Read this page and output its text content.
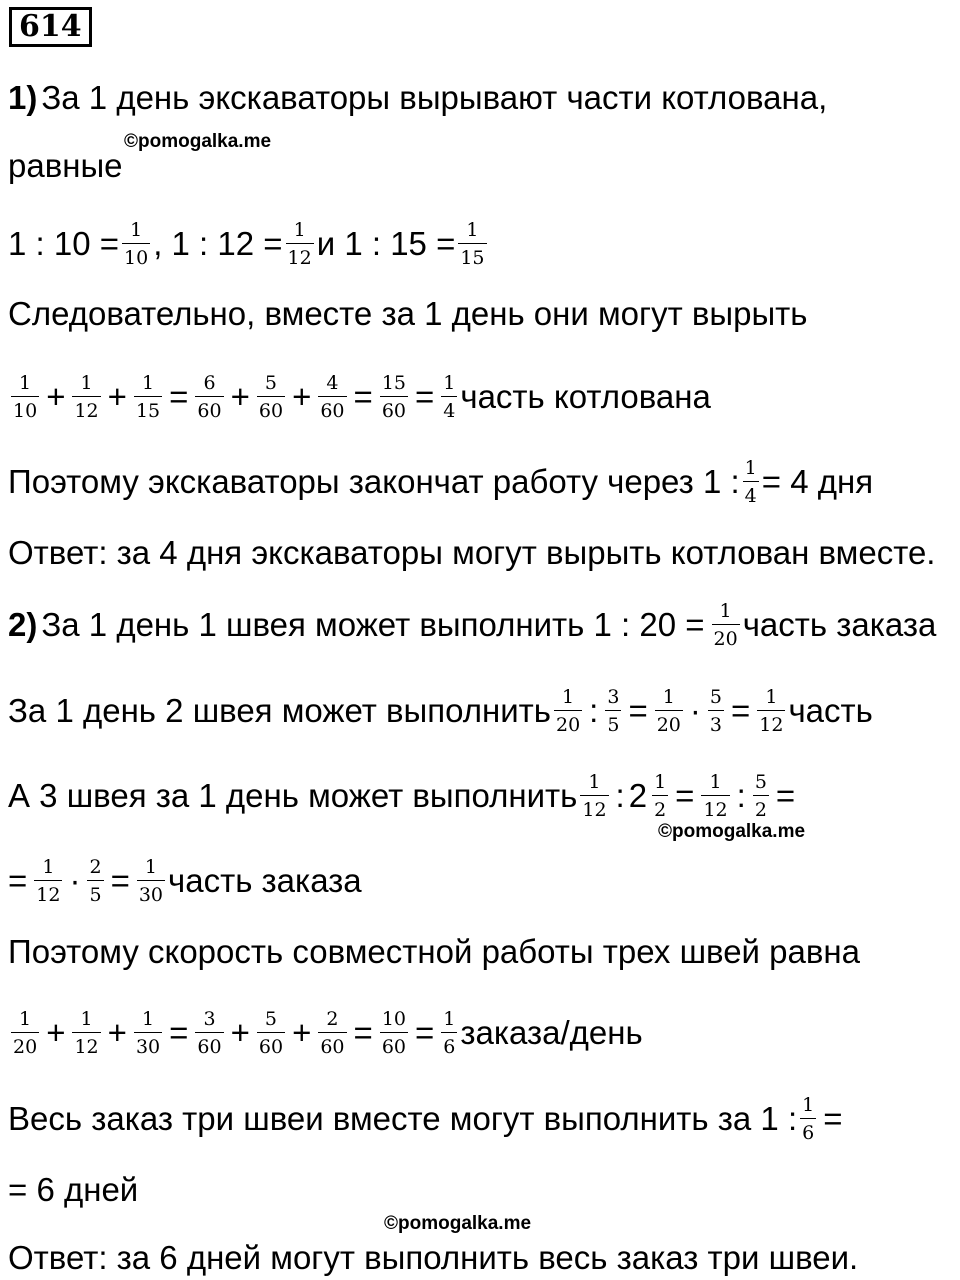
614
1) За 1 день экскаваторы вырывают части котлована,
©pomogalka.me
равные
1 : $10 = \frac{1}{10}$ , 1 : $12 = \frac{1}{12}$ и 1 : $15 = \frac{1}{15}$
Следовательно, вместе за 1 день они могут вырыть
$\frac{1}{10} + \frac{1}{12} + \frac{1}{15} = \frac{6}{60} + \frac{5}{60} + \frac{4}{60} = \frac{15}{60} = \frac{1}{4}$ часть котлована
Поэтому экскаваторы закончат работу через 1 : $\frac{1}{4} = 4$ дня
Ответ: за 4 дня экскаваторы могут вырыть котлован вместе.
2) За 1 день 1 швея может выполнить 1 : $20 = \frac{1}{20}$ часть заказа
За 1 день 2 швея может выполнить $\frac{1}{20}$ : $\frac{3}{5} = \frac{1}{20} \cdot \frac{5}{3} = \frac{1}{12}$ часть
А 3 швея за 1 день может выполнить $\frac{1}{12}$ : $2 \frac{1}{2} = \frac{1}{12}$ : $\frac{5}{2}$ =
©pomogalka.me
= $\frac{1}{12} \cdot \frac{2}{5} = \frac{1}{30}$ часть заказа
Поэтому скорость совместной работы трех швей равна
$\frac{1}{20} + \frac{1}{12} + \frac{1}{30} = \frac{3}{60} + \frac{5}{60} + \frac{2}{60} = \frac{10}{60} = \frac{1}{6}$ заказа/день
Весь заказ три швеи вместе могут выполнить за 1 : $\frac{1}{6}$ =
= 6 дней
©pomogalka.me
Ответ: за 6 дней могут выполнить весь заказ три швеи.
